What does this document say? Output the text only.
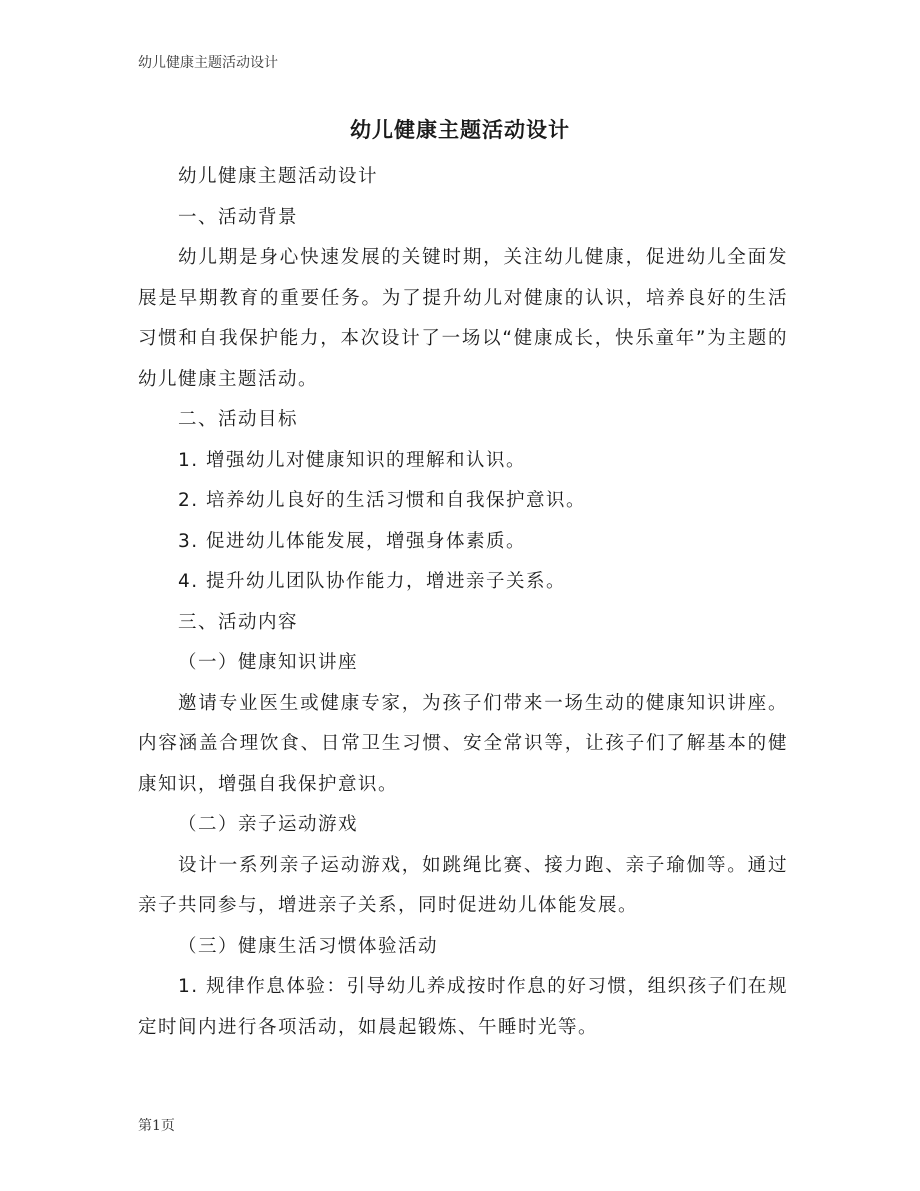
幼儿健康主题活动设计
幼儿健康主题活动设计

幼儿健康主题活动设计

一、活动背景

幼儿期是身心快速发展的关键时期，关注幼儿健康，促进幼儿全面发展是早期教育的重要任务。为了提升幼儿对健康的认识，培养良好的生活习惯和自我保护能力，本次设计了一场以“健康成长，快乐童年”为主题的幼儿健康主题活动。

二、活动目标

1. 增强幼儿对健康知识的理解和认识。

2. 培养幼儿良好的生活习惯和自我保护意识。

3. 促进幼儿体能发展，增强身体素质。

4. 提升幼儿团队协作能力，增进亲子关系。

三、活动内容

（一）健康知识讲座

邀请专业医生或健康专家，为孩子们带来一场生动的健康知识讲座。内容涵盖合理饮食、日常卫生习惯、安全常识等，让孩子们了解基本的健康知识，增强自我保护意识。

（二）亲子运动游戏

设计一系列亲子运动游戏，如跳绳比赛、接力跑、亲子瑜伽等。通过亲子共同参与，增进亲子关系，同时促进幼儿体能发展。

（三）健康生活习惯体验活动

1. 规律作息体验：引导幼儿养成按时作息的好习惯，组织孩子们在规定时间内进行各项活动，如晨起锻炼、午睡时光等。

第1页
